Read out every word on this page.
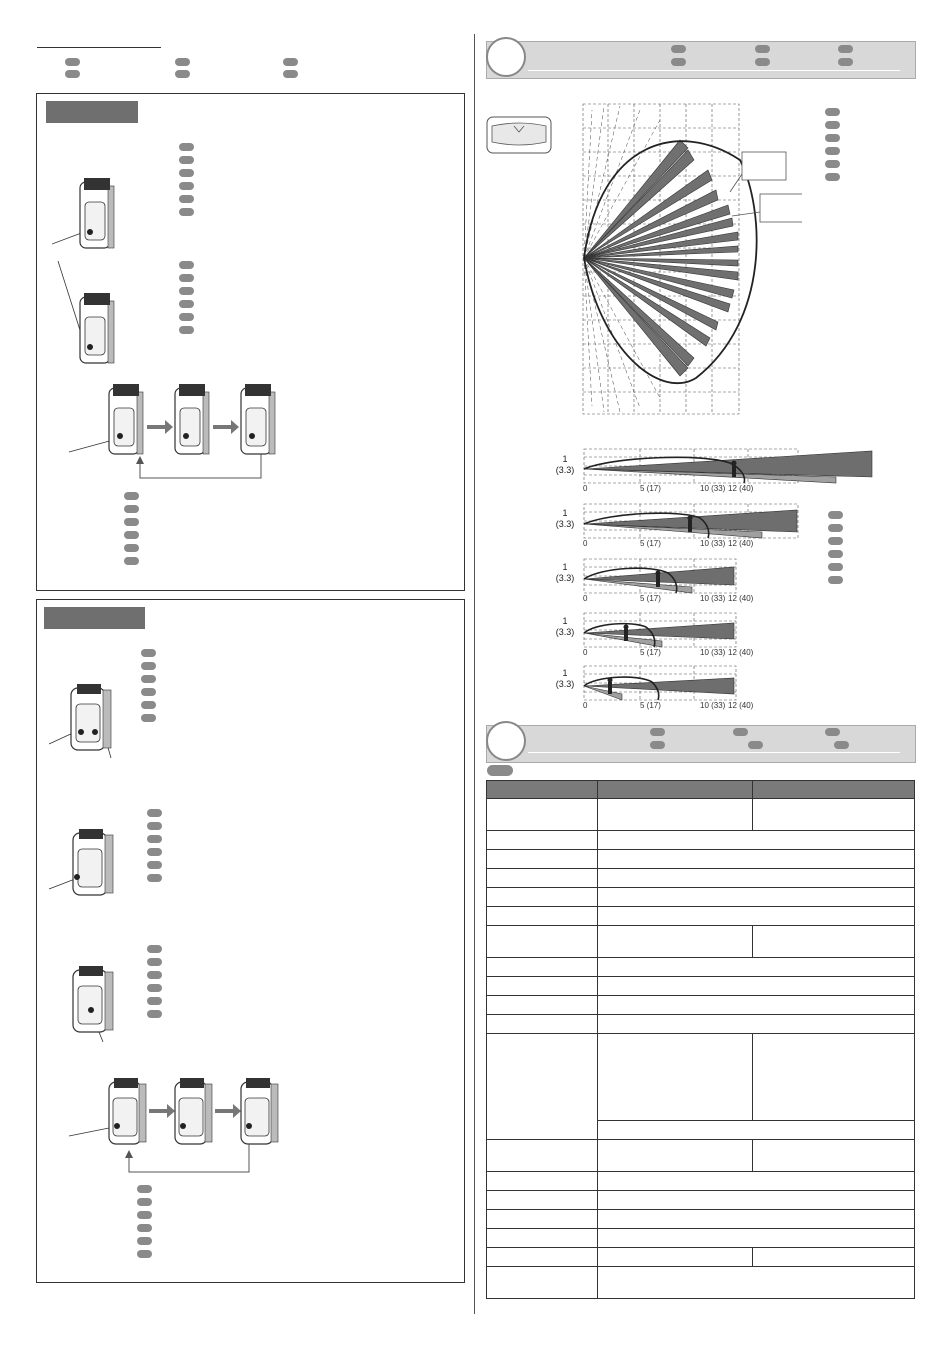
1
(3.3)
0	5 (17)	10 (33) 12 (40)
1
(3.3)
0	5 (17)	10 (33) 12 (40)
1
(3.3)
0	5 (17)	10 (33) 12 (40)
1
(3.3)
0	5 (17)	10 (33) 12 (40)
1
(3.3)
0	5 (17)	10 (33) 12 (40)
